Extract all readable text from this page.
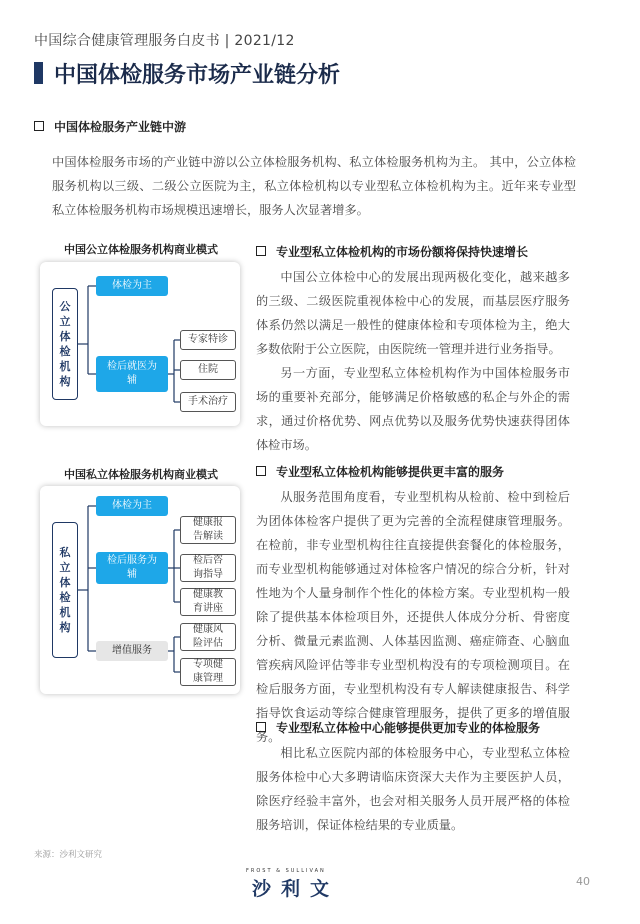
中国综合健康管理服务白皮书 | 2021/12
中国体检服务市场产业链分析
中国体检服务产业链中游
中国体检服务市场的产业链中游以公立体检服务机构、私立体检服务机构为主。 其中，公立体检服务机构以三级、二级公立医院为主，私立体检机构以专业型私立体检机构为主。近年来专业型私立体检服务机构市场规模迅速增长，服务人次显著增多。
中国公立体检服务机构商业模式
公立体检机构
体检为主
检后就医为辅
专家特诊
住院
手术治疗
中国私立体检服务机构商业模式
私立体检机构
体检为主
检后服务为辅
增值服务
健康报告解读
检后咨询指导
健康教育讲座
健康风险评估
专项健康管理
专业型私立体检机构的市场份额将保持快速增长
中国公立体检中心的发展出现两极化变化，越来越多的三级、二级医院重视体检中心的发展，而基层医疗服务体系仍然以满足一般性的健康体检和专项体检为主，绝大多数依附于公立医院，由医院统一管理并进行业务指导。
另一方面，专业型私立体检机构作为中国体检服务市场的重要补充部分，能够满足价格敏感的私企与外企的需求，通过价格优势、网点优势以及服务优势快速获得团体体检市场。
专业型私立体检机构能够提供更丰富的服务
从服务范围角度看，专业型机构从检前、检中到检后为团体体检客户提供了更为完善的全流程健康管理服务。在检前，非专业型机构往往直接提供套餐化的体检服务，而专业型机构能够通过对体检客户情况的综合分析，针对性地为个人量身制作个性化的体检方案。专业型机构一般除了提供基本体检项目外，还提供人体成分分析、骨密度分析、微量元素监测、人体基因监测、癌症筛查、心脑血管疾病风险评估等非专业型机构没有的专项检测项目。在检后服务方面，专业型机构没有专人解读健康报告、科学指导饮食运动等综合健康管理服务，提供了更多的增值服务。
专业型私立体检中心能够提供更加专业的体检服务
相比私立医院内部的体检服务中心，专业型私立体检服务体检中心大多聘请临床资深大夫作为主要医护人员，除医疗经验丰富外，也会对相关服务人员开展严格的体检服务培训，保证体检结果的专业质量。
来源：沙利文研究
FROST & SULLIVAN
沙利文	40
